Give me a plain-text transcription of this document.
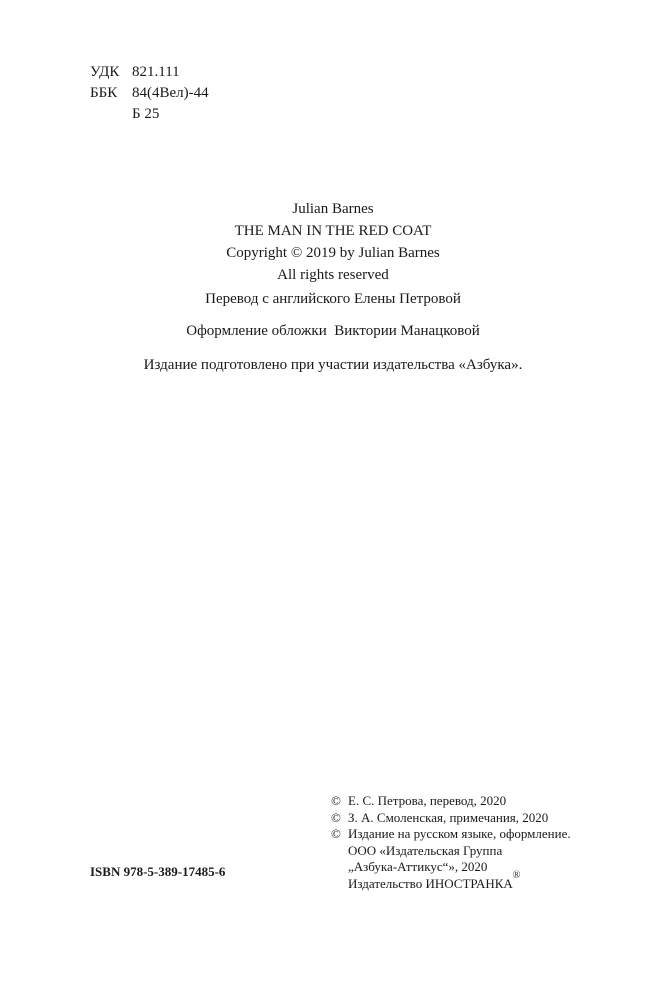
УДК 821.111
ББК 84(4Вел)-44
Б 25
Julian Barnes
THE MAN IN THE RED COAT
Copyright © 2019 by Julian Barnes
All rights reserved
Перевод с английского Елены Петровой
Оформление обложки  Виктории Манацковой
Издание подготовлено при участии издательства «Азбука».
ISBN 978-5-389-17485-6
© Е. С. Петрова, перевод, 2020
© З. А. Смоленская, примечания, 2020
© Издание на русском языке, оформление.
ООО «Издательская Группа
„Азбука-Аттикус“», 2020
Издательство ИНОСТРАНКА
®
